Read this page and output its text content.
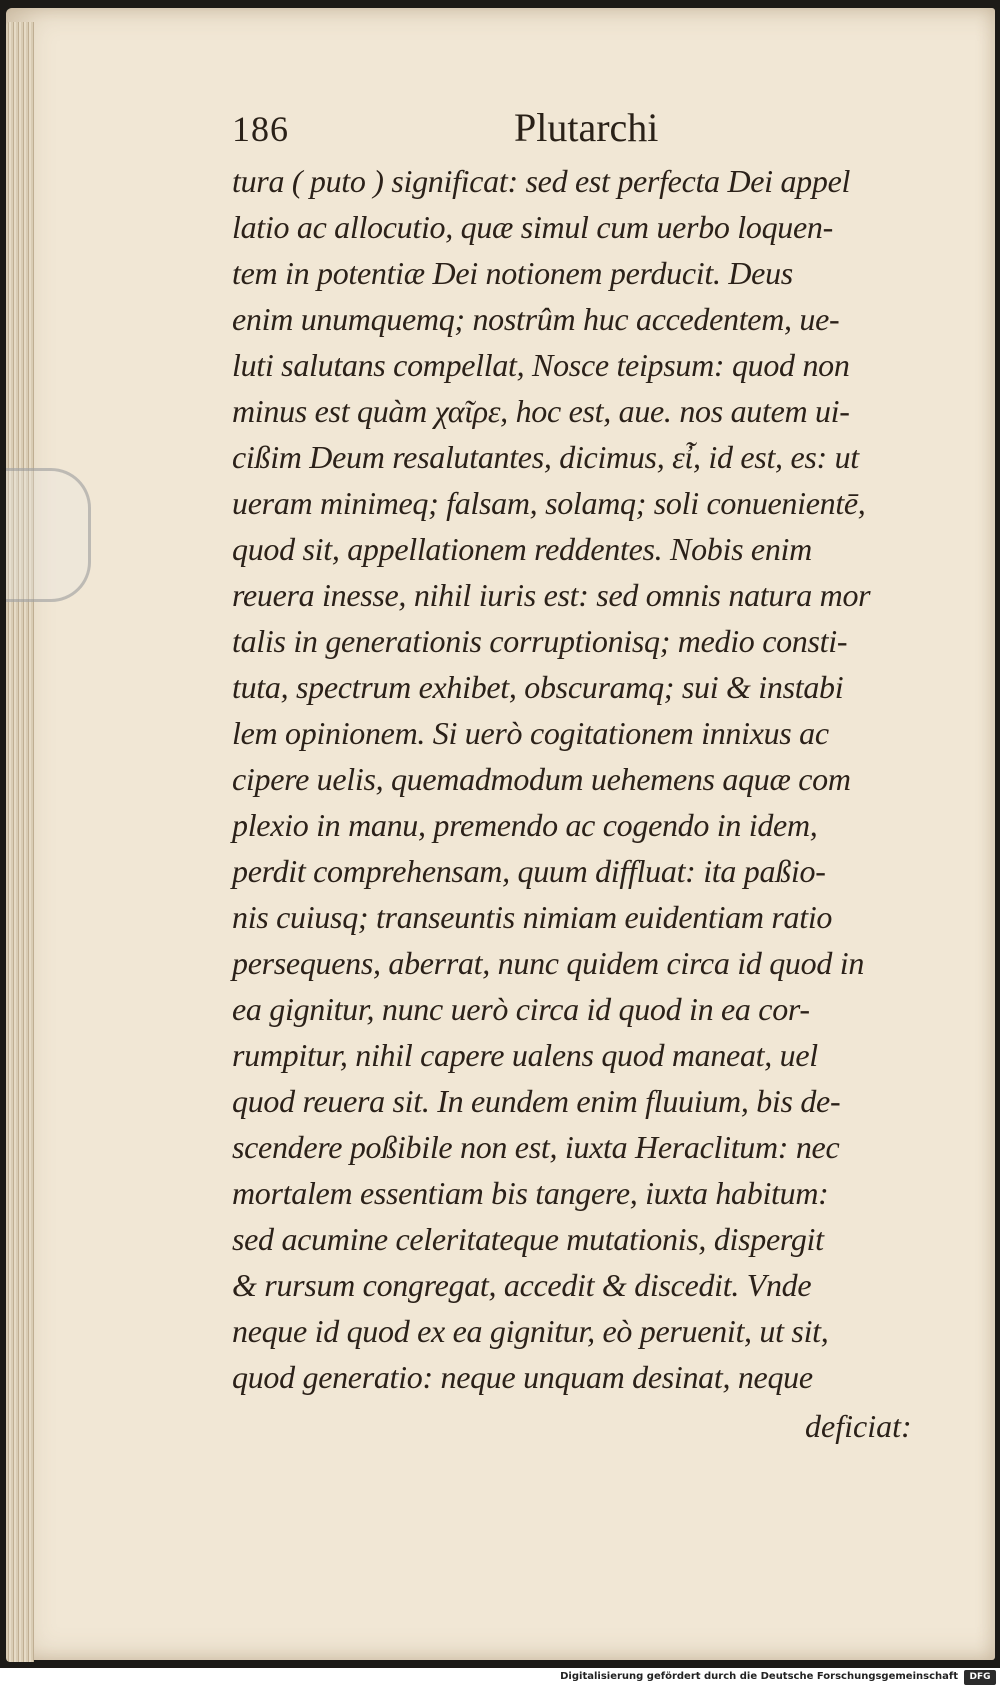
186	Plutarchi
tura ( puto ) significat: sed est perfecta Dei appel
latio ac allocutio, quæ simul cum uerbo loquen-
tem in potentiæ Dei notionem perducit. Deus
enim unumquemq; nostrûm huc accedentem, ue-
luti salutans compellat, Nosce teipsum: quod non
minus est quàm χαῖρε, hoc est, aue. nos autem ui-
cißim Deum resalutantes, dicimus, εἶ, id est, es: ut
ueram minimeq; falsam, solamq; soli conuenientē,
quod sit, appellationem reddentes. Nobis enim
reuera inesse, nihil iuris est: sed omnis natura mor
talis in generationis corruptionisq; medio consti-
tuta, spectrum exhibet, obscuramq; sui & instabi
lem opinionem. Si uerò cogitationem innixus ac
cipere uelis, quemadmodum uehemens aquæ com
plexio in manu, premendo ac cogendo in idem,
perdit comprehensam, quum diffluat: ita paßio-
nis cuiusq; transeuntis nimiam euidentiam ratio
persequens, aberrat, nunc quidem circa id quod in
ea gignitur, nunc uerò circa id quod in ea cor-
rumpitur, nihil capere ualens quod maneat, uel
quod reuera sit. In eundem enim fluuium, bis de-
scendere poßibile non est, iuxta Heraclitum: nec
mortalem essentiam bis tangere, iuxta habitum:
sed acumine celeritateque mutationis, dispergit
& rursum congregat, accedit & discedit. Vnde
neque id quod ex ea gignitur, eò peruenit, ut sit,
quod generatio: neque unquam desinat, neque
deficiat:
Digitalisierung gefördert durch die Deutsche Forschungsgemeinschaft	DFG
